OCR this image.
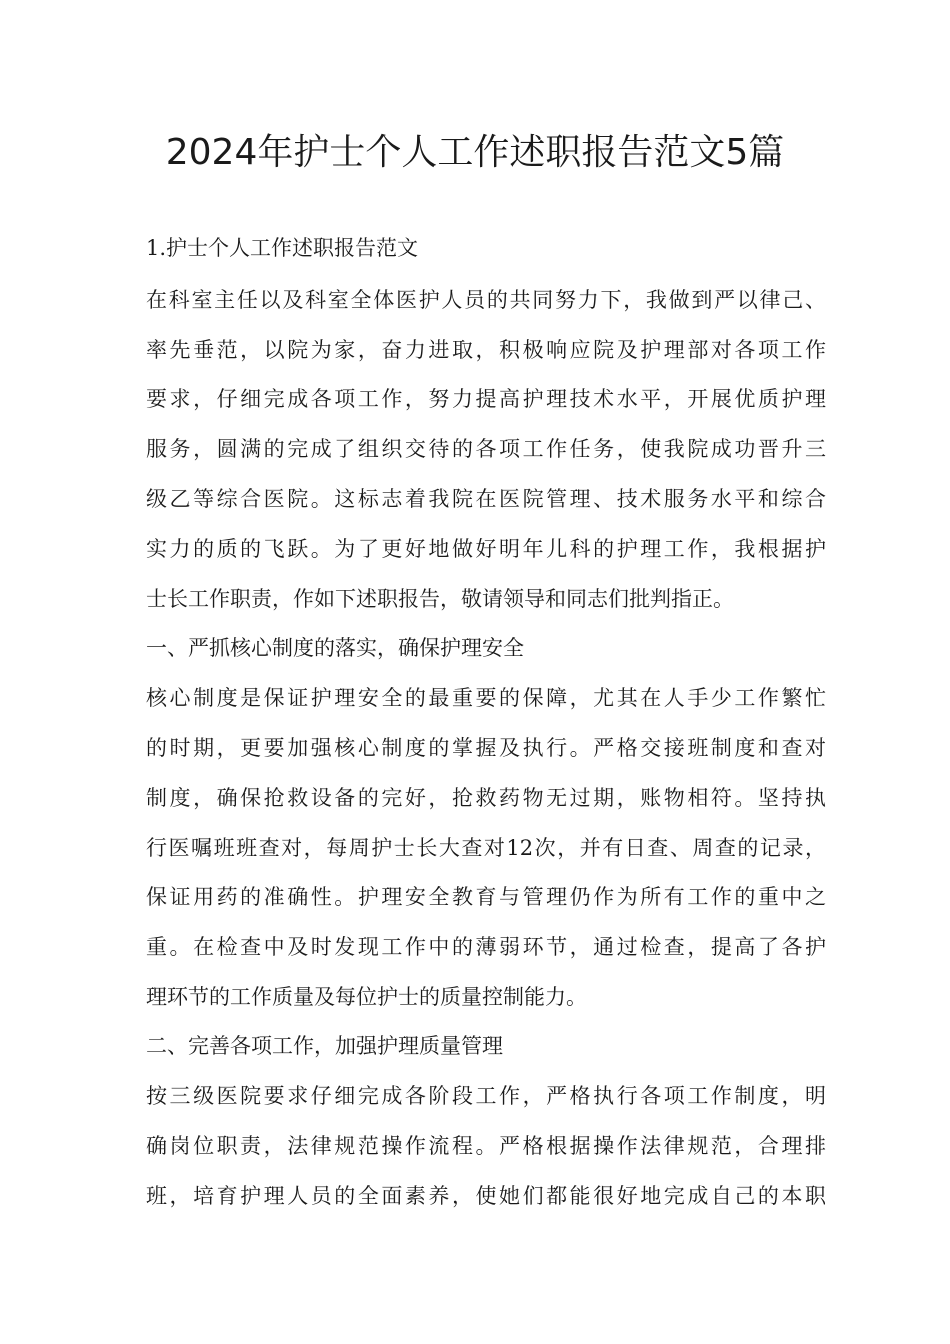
2024年护士个人工作述职报告范文5篇
1.护士个人工作述职报告范文
在科室主任以及科室全体医护人员的共同努力下，我做到严以律己、
率先垂范，以院为家，奋力进取，积极响应院及护理部对各项工作
要求，仔细完成各项工作，努力提高护理技术水平，开展优质护理
服务，圆满的完成了组织交待的各项工作任务，使我院成功晋升三
级乙等综合医院。这标志着我院在医院管理、技术服务水平和综合
实力的质的飞跃。为了更好地做好明年儿科的护理工作，我根据护
士长工作职责，作如下述职报告，敬请领导和同志们批判指正。
一、严抓核心制度的落实，确保护理安全
核心制度是保证护理安全的最重要的保障，尤其在人手少工作繁忙
的时期，更要加强核心制度的掌握及执行。严格交接班制度和查对
制度，确保抢救设备的完好，抢救药物无过期，账物相符。坚持执
行医嘱班班查对，每周护士长大查对12次，并有日查、周查的记录，
保证用药的准确性。护理安全教育与管理仍作为所有工作的重中之
重。在检查中及时发现工作中的薄弱环节，通过检查，提高了各护
理环节的工作质量及每位护士的质量控制能力。
二、完善各项工作，加强护理质量管理
按三级医院要求仔细完成各阶段工作，严格执行各项工作制度，明
确岗位职责，法律规范操作流程。严格根据操作法律规范，合理排
班，培育护理人员的全面素养，使她们都能很好地完成自己的本职
